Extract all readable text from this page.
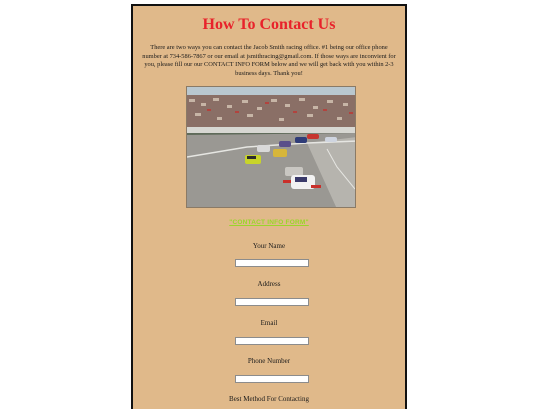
How To Contact Us
There are two ways you can contact the Jacob Smith racing office. #1 being our office phone number at 734-586-7867 or our email at jsmithracing@gmail.com. If those ways are inconvient for you, please fill our our CONTACT INFO FORM below and we will get back with you within 2-3 business days. Thank you!
"CONTACT INFO FORM"
Your Name
Address
Email
Phone Number
Best Method For Contacting
